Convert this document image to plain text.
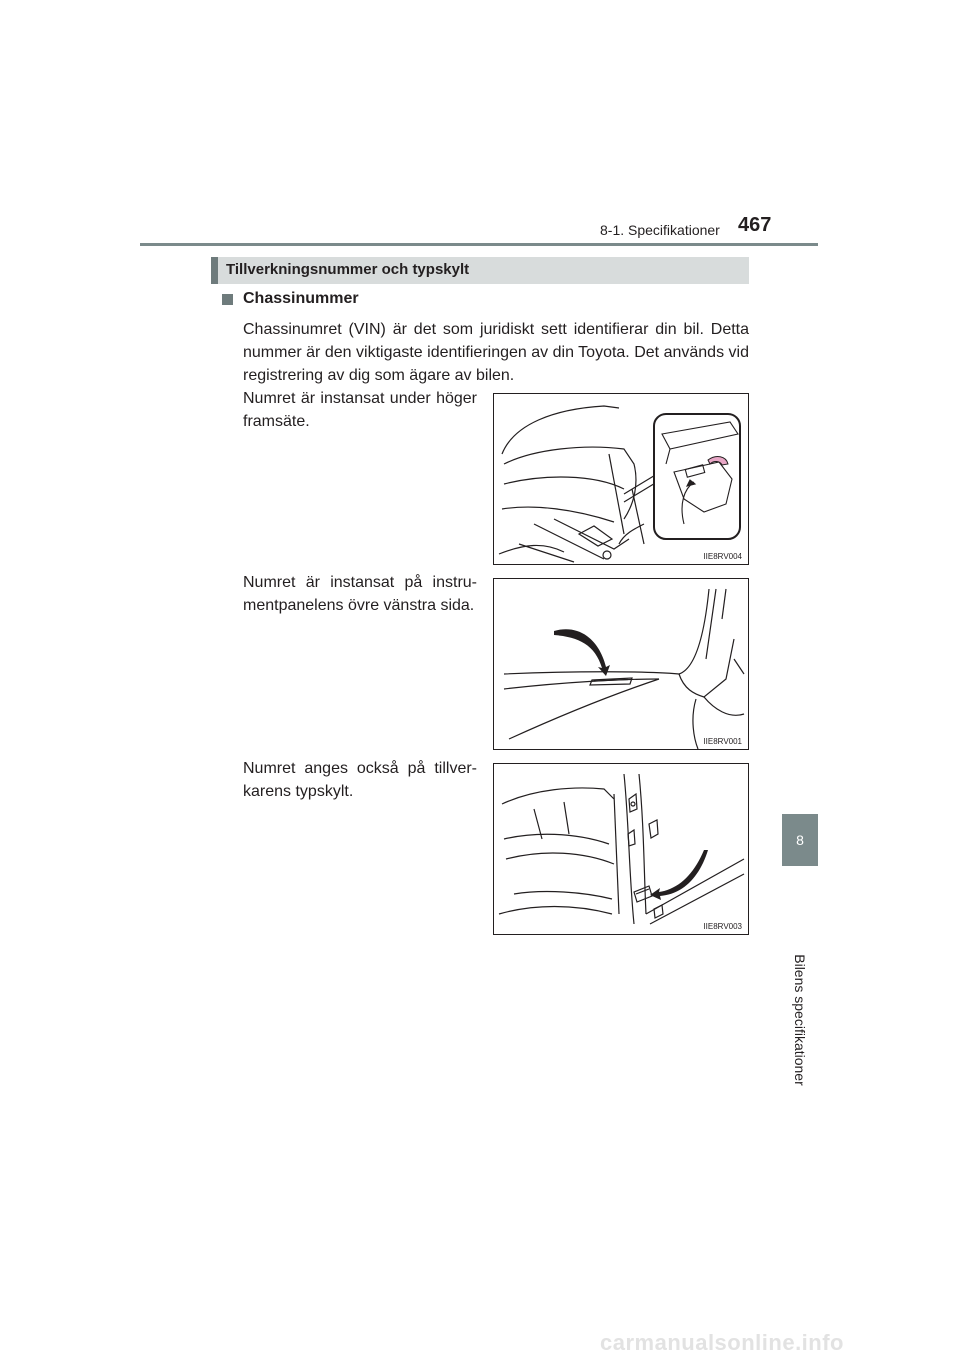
8-1. Specifikationer 467
8
Bilens specifikationer
Tillverkningsnummer och typskylt
Chassinummer
Chassinumret (VIN) är det som juridiskt sett identifierar din bil. Detta nummer är den viktigaste identifieringen av din Toyota. Det används vid registrering av dig som ägare av bilen.
Numret är instansat under höger framsäte.
IIE8RV004
Numret är instansat på instru-mentpanelens övre vänstra sida.
IIE8RV001
Numret anges också på tillver-karens typskylt.
IIE8RV003
carmanualsonline.info
